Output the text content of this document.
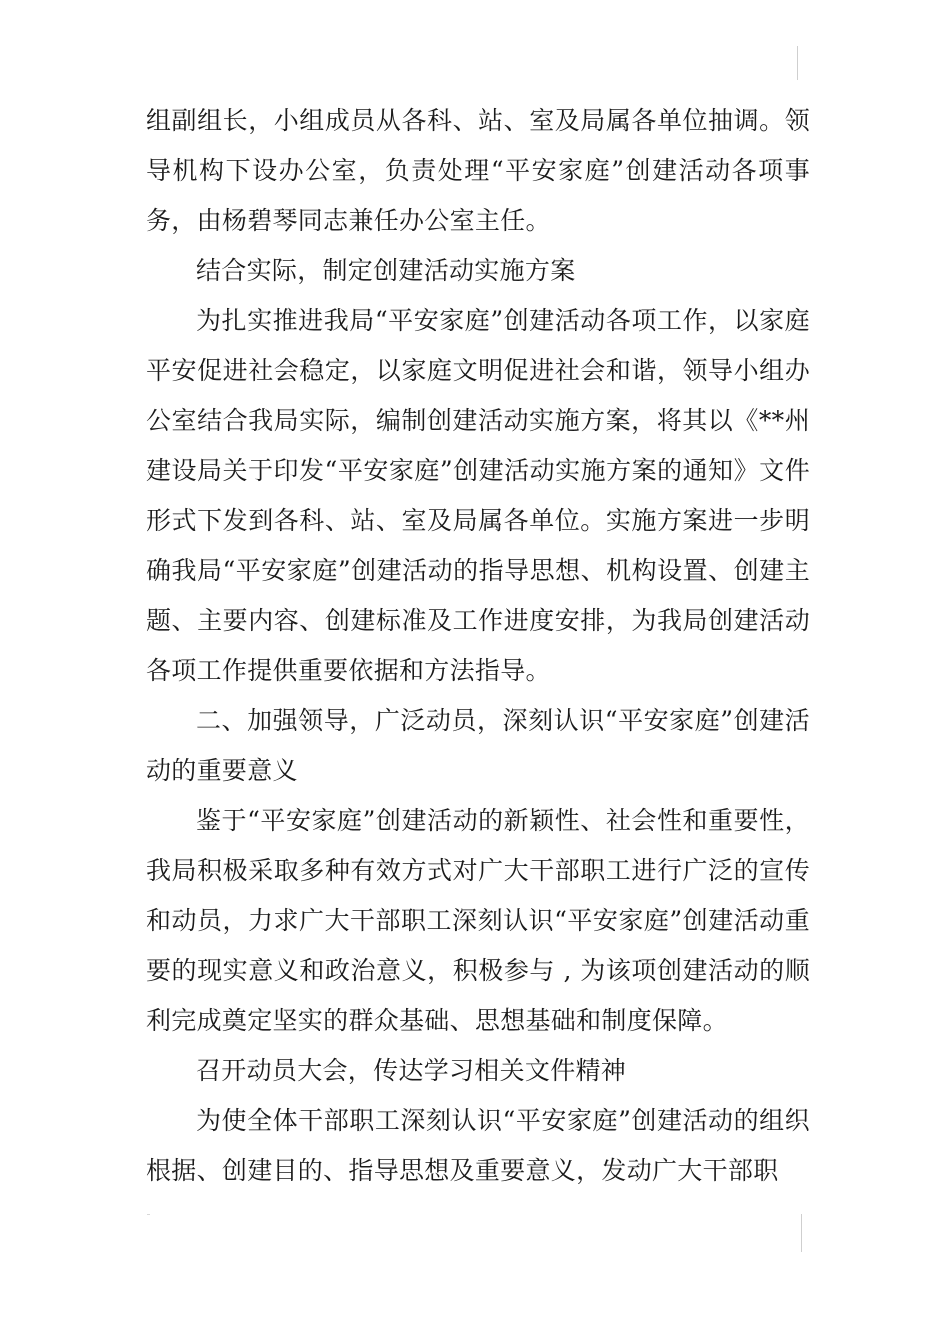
组副组长，小组成员从各科、站、室及局属各单位抽调。领导机构下设办公室，负责处理“平安家庭”创建活动各项事务，由杨碧琴同志兼任办公室主任。

结合实际，制定创建活动实施方案

为扎实推进我局“平安家庭”创建活动各项工作，以家庭平安促进社会稳定，以家庭文明促进社会和谐，领导小组办公室结合我局实际，编制创建活动实施方案，将其以《**州建设局关于印发“平安家庭”创建活动实施方案的通知》文件形式下发到各科、站、室及局属各单位。实施方案进一步明确我局“平安家庭”创建活动的指导思想、机构设置、创建主题、主要内容、创建标准及工作进度安排，为我局创建活动各项工作提供重要依据和方法指导。

二、加强领导，广泛动员，深刻认识“平安家庭”创建活动的重要意义

鉴于“平安家庭”创建活动的新颖性、社会性和重要性，我局积极采取多种有效方式对广大干部职工进行广泛的宣传和动员，力求广大干部职工深刻认识“平安家庭”创建活动重要的现实意义和政治意义，积极参与 , 为该项创建活动的顺利完成奠定坚实的群众基础、思想基础和制度保障。

召开动员大会，传达学习相关文件精神

为使全体干部职工深刻认识“平安家庭”创建活动的组织根据、创建目的、指导思想及重要意义，发动广大干部职
